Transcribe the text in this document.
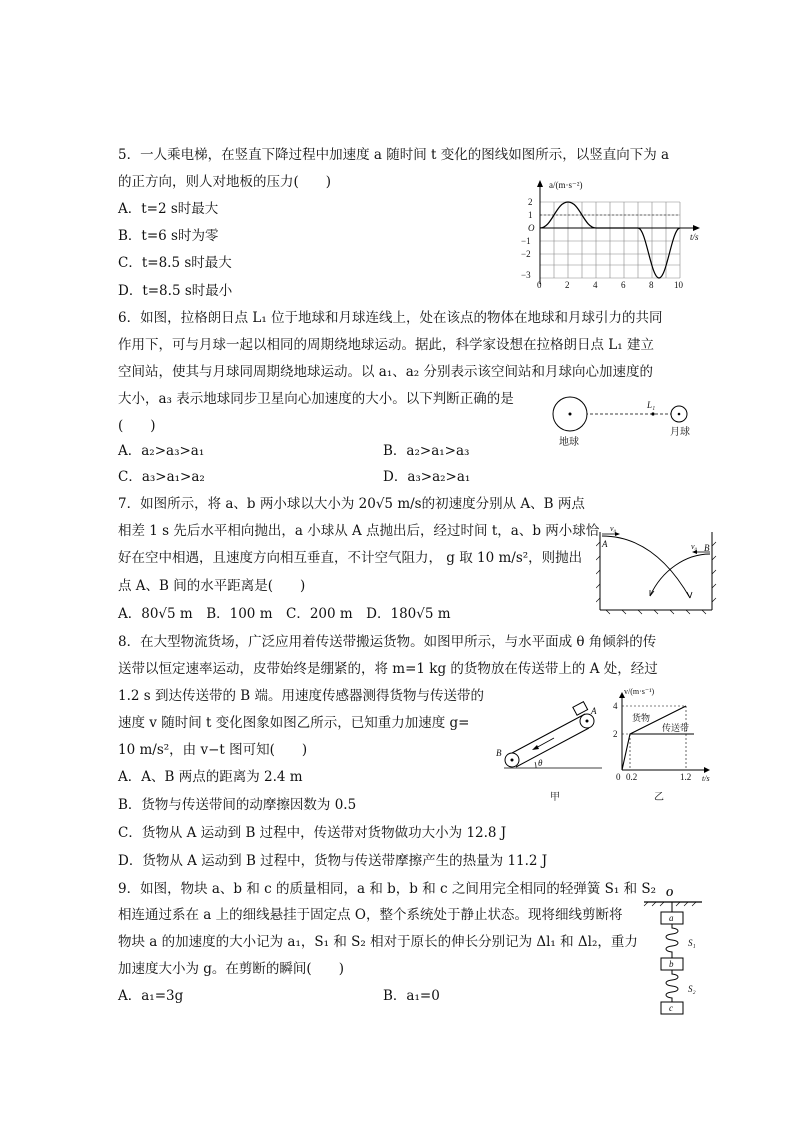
5．一人乘电梯，在竖直下降过程中加速度 a 随时间 t 变化的图线如图所示，以竖直向下为 a
的正方向，则人对地板的压力(　　)
A．t=2 s时最大
B．t=6 s时为零
C．t=8.5 s时最大
D．t=8.5 s时最小
6．如图，拉格朗日点 L₁ 位于地球和月球连线上，处在该点的物体在地球和月球引力的共同
作用下，可与月球一起以相同的周期绕地球运动。据此，科学家设想在拉格朗日点 L₁ 建立
空间站，使其与月球同周期绕地球运动。以 a₁、a₂ 分别表示该空间站和月球向心加速度的
大小，a₃ 表示地球同步卫星向心加速度的大小。以下判断正确的是
(　　)
A．a₂>a₃>a₁	B．a₂>a₁>a₃
C．a₃>a₁>a₂	D．a₃>a₂>a₁
7．如图所示，将 a、b 两小球以大小为 20√5 m/s的初速度分别从 A、B 两点
相差 1 s 先后水平相向抛出，a 小球从 A 点抛出后，经过时间 t，a、b 两小球恰
好在空中相遇，且速度方向相互垂直，不计空气阻力， g 取 10 m/s²，则抛出
点 A、B 间的水平距离是(　　)
A．80√5 m　B．100 m　C．200 m　D．180√5 m
8．在大型物流货场，广泛应用着传送带搬运货物。如图甲所示，与水平面成 θ 角倾斜的传
送带以恒定速率运动，皮带始终是绷紧的，将 m=1 kg 的货物放在传送带上的 A 处，经过
1.2 s 到达传送带的 B 端。用速度传感器测得货物与传送带的
速度 v 随时间 t 变化图象如图乙所示，已知重力加速度 g=
10 m/s²，由 v−t 图可知(　　)
A．A、B 两点的距离为 2.4 m
B．货物与传送带间的动摩擦因数为 0.5
C．货物从 A 运动到 B 过程中，传送带对货物做功大小为 12.8 J
D．货物从 A 运动到 B 过程中，货物与传送带摩擦产生的热量为 11.2 J
9．如图，物块 a、b 和 c 的质量相同，a 和 b，b 和 c 之间用完全相同的轻弹簧 S₁ 和 S₂
相连通过系在 a 上的细线悬挂于固定点 O，整个系统处于静止状态。现将细线剪断将
物块 a 的加速度的大小记为 a₁，S₁ 和 S₂ 相对于原长的伸长分别记为 Δl₁ 和 Δl₂，重力
加速度大小为 g。在剪断的瞬间(　　)
A．a₁=3g	B．a₁=0
a/(m·s⁻²)
t/s
2
1
O
−1
−2
−3
0	2	4	6	8 10
L₁
地球
月球
A	B
v₀
v₀
A
B
θ
甲
v/(m·s⁻¹)
t/s
4
2
0 0.2	1.2
货物
传送带
乙
O
a
S₁
b
S₂
c
